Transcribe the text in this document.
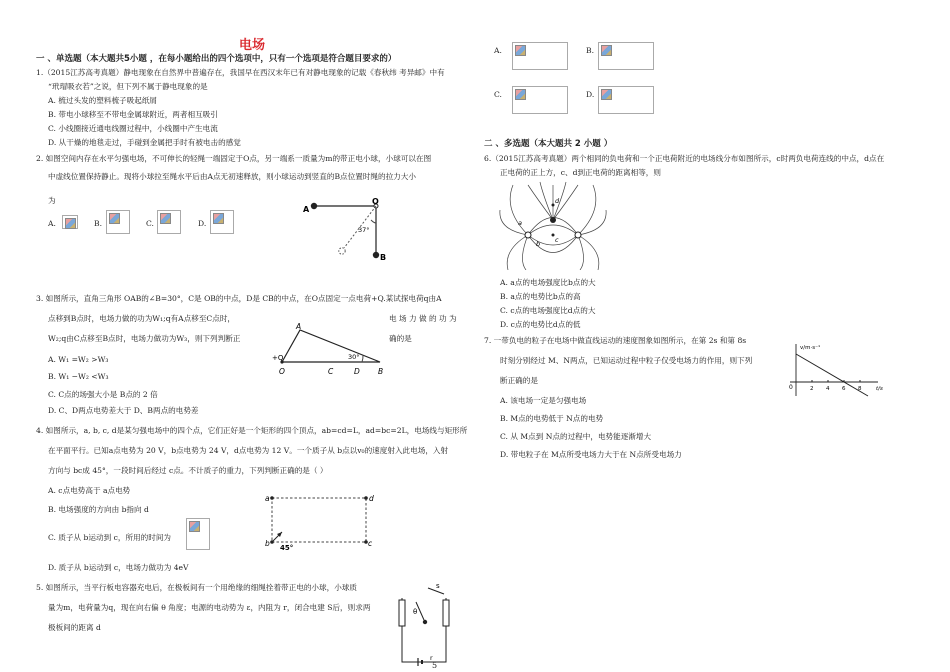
电场
一 、单选题（本大题共5小题 ，在每小题给出的四个选项中，只有一个选项是符合题目要求的）
1.（2015江苏高考真题）静电现象在自然界中普遍存在，我国早在西汉末年已有对静电现象的记载《春秋纬 考异邮》中有
“玳瑁吸衣若”之说，但下列不属于静电现象的是
A. 梳过头发的塑料梳子吸起纸屑
B. 带电小球移至不带电金属球附近，两者相互吸引
C. 小线圈接近通电线圈过程中，小线圈中产生电流
D. 从干燥的地毯走过，手碰到金属把手时有被电击的感觉
2. 如图空间内存在水平匀强电场，不可伸长的轻绳一端固定于O点，另一端系一质量为m的带正电小球，小球可以在图
中虚线位置保持静止。现将小球拉至绳水平后由A点无初速释放，则小球运动到竖直的B点位置时绳的拉力大小
为
A.	B.	C.	D.
A
O
B
37°
3. 如图所示，直角三角形 OAB的∠B=30°，C是 OB的中点，D是 CB的中点，在O点固定一点电荷+Q.某试探电荷q由A
点移到B点时，电场力做的功为W₁;q有A点移至C点时，	电 场 力 做 的 功 为
W₂;q由C点移至B点时，电场力做功为W₃，则下列判断正	确的是
A. W₁ =W₂ >W₃
B. W₁ −W₂ <W₃
C. C点的场强大小是 B点的 2 倍
D. C、D两点电势差大于 D、B两点的电势差
A
+Q
O	C	D B
30°
4. 如图所示，a, b, c, d是某匀强电场中的四个点，它们正好是一个矩形的四个顶点，ab=cd=L，ad=bc=2L，电场线与矩形所
在平面平行。已知a点电势为 20 V，b点电势为 24 V，d点电势为 12 V。一个质子从 b点以v₀的速度射入此电场，入射
方向与 bc成 45°，一段时间后经过 c点。不计质子的重力，下列判断正确的是（ ）
A. c点电势高于 a点电势
B. 电场强度的方向由 b指向 d
C. 质子从 b运动到 c，所用的时间为
D. 质子从 b运动到 c，电场力做功为 4eV
a	d
b	c
45°
5. 如图所示，当平行板电容器充电后，在极板间有一个用绝缘的细绳拴着带正电的小球，小球质
量为m，电荷量为q，现在向右偏 θ 角度；电源的电动势为 ε，内阻为 r，闭合电建 S后，则求两
极板间的距离 d
θ
s
r
5
A.	B.
C.	D.
二 、多选题（本大题共 2 小题 ）
6.（2015江苏高考真题）两个相同的负电荷和一个正电荷附近的电场线分布如图所示，c时两负电荷连线的中点，d点在
正电荷的正上方，c、d到正电荷的距离相等，则
d
c
a
b
A. a点的电场强度比b点的大
B. a点的电势比b点的高
C. c点的电场强度比d点的大
D. c点的电势比d点的低
7. 一带负电的粒子在电场中做直线运动的速度图象如图所示，在第 2s 和第 8s
时刻分别经过 M、N两点，已知运动过程中粒子仅受电场力的作用，则下列
断正确的是
A. 该电场一定是匀强电场
B. M点的电势低于 N点的电势
C. 从 M点到 N点的过程中，电势能逐渐增大
D. 带电粒子在 M点所受电场力大于在 N点所受电场力
v/m·s⁻¹
t/s
0	2 4 6 8
